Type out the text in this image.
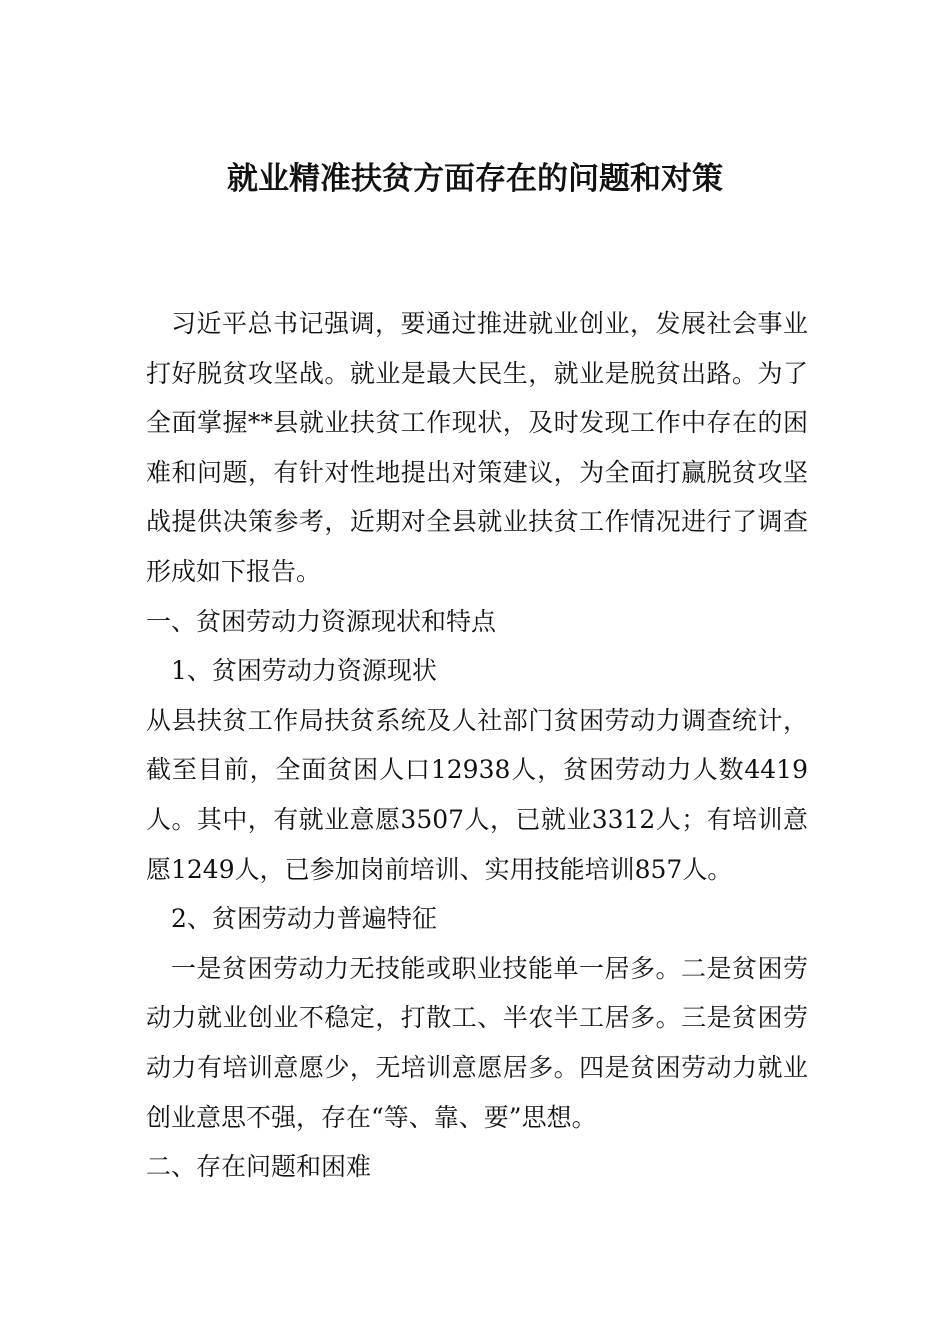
就业精准扶贫方面存在的问题和对策

习近平总书记强调，要通过推进就业创业，发展社会事业打好脱贫攻坚战。就业是最大民生，就业是脱贫出路。为了全面掌握**县就业扶贫工作现状，及时发现工作中存在的困难和问题，有针对性地提出对策建议，为全面打赢脱贫攻坚战提供决策参考，近期对全县就业扶贫工作情况进行了调查形成如下报告。

一、贫困劳动力资源现状和特点

1、贫困劳动力资源现状

从县扶贫工作局扶贫系统及人社部门贫困劳动力调查统计，截至目前，全面贫困人口12938人，贫困劳动力人数4419人。其中，有就业意愿3507人，已就业3312人；有培训意愿1249人，已参加岗前培训、实用技能培训857人。

2、贫困劳动力普遍特征

一是贫困劳动力无技能或职业技能单一居多。二是贫困劳动力就业创业不稳定，打散工、半农半工居多。三是贫困劳动力有培训意愿少，无培训意愿居多。四是贫困劳动力就业创业意思不强，存在“等、靠、要”思想。

二、存在问题和困难
